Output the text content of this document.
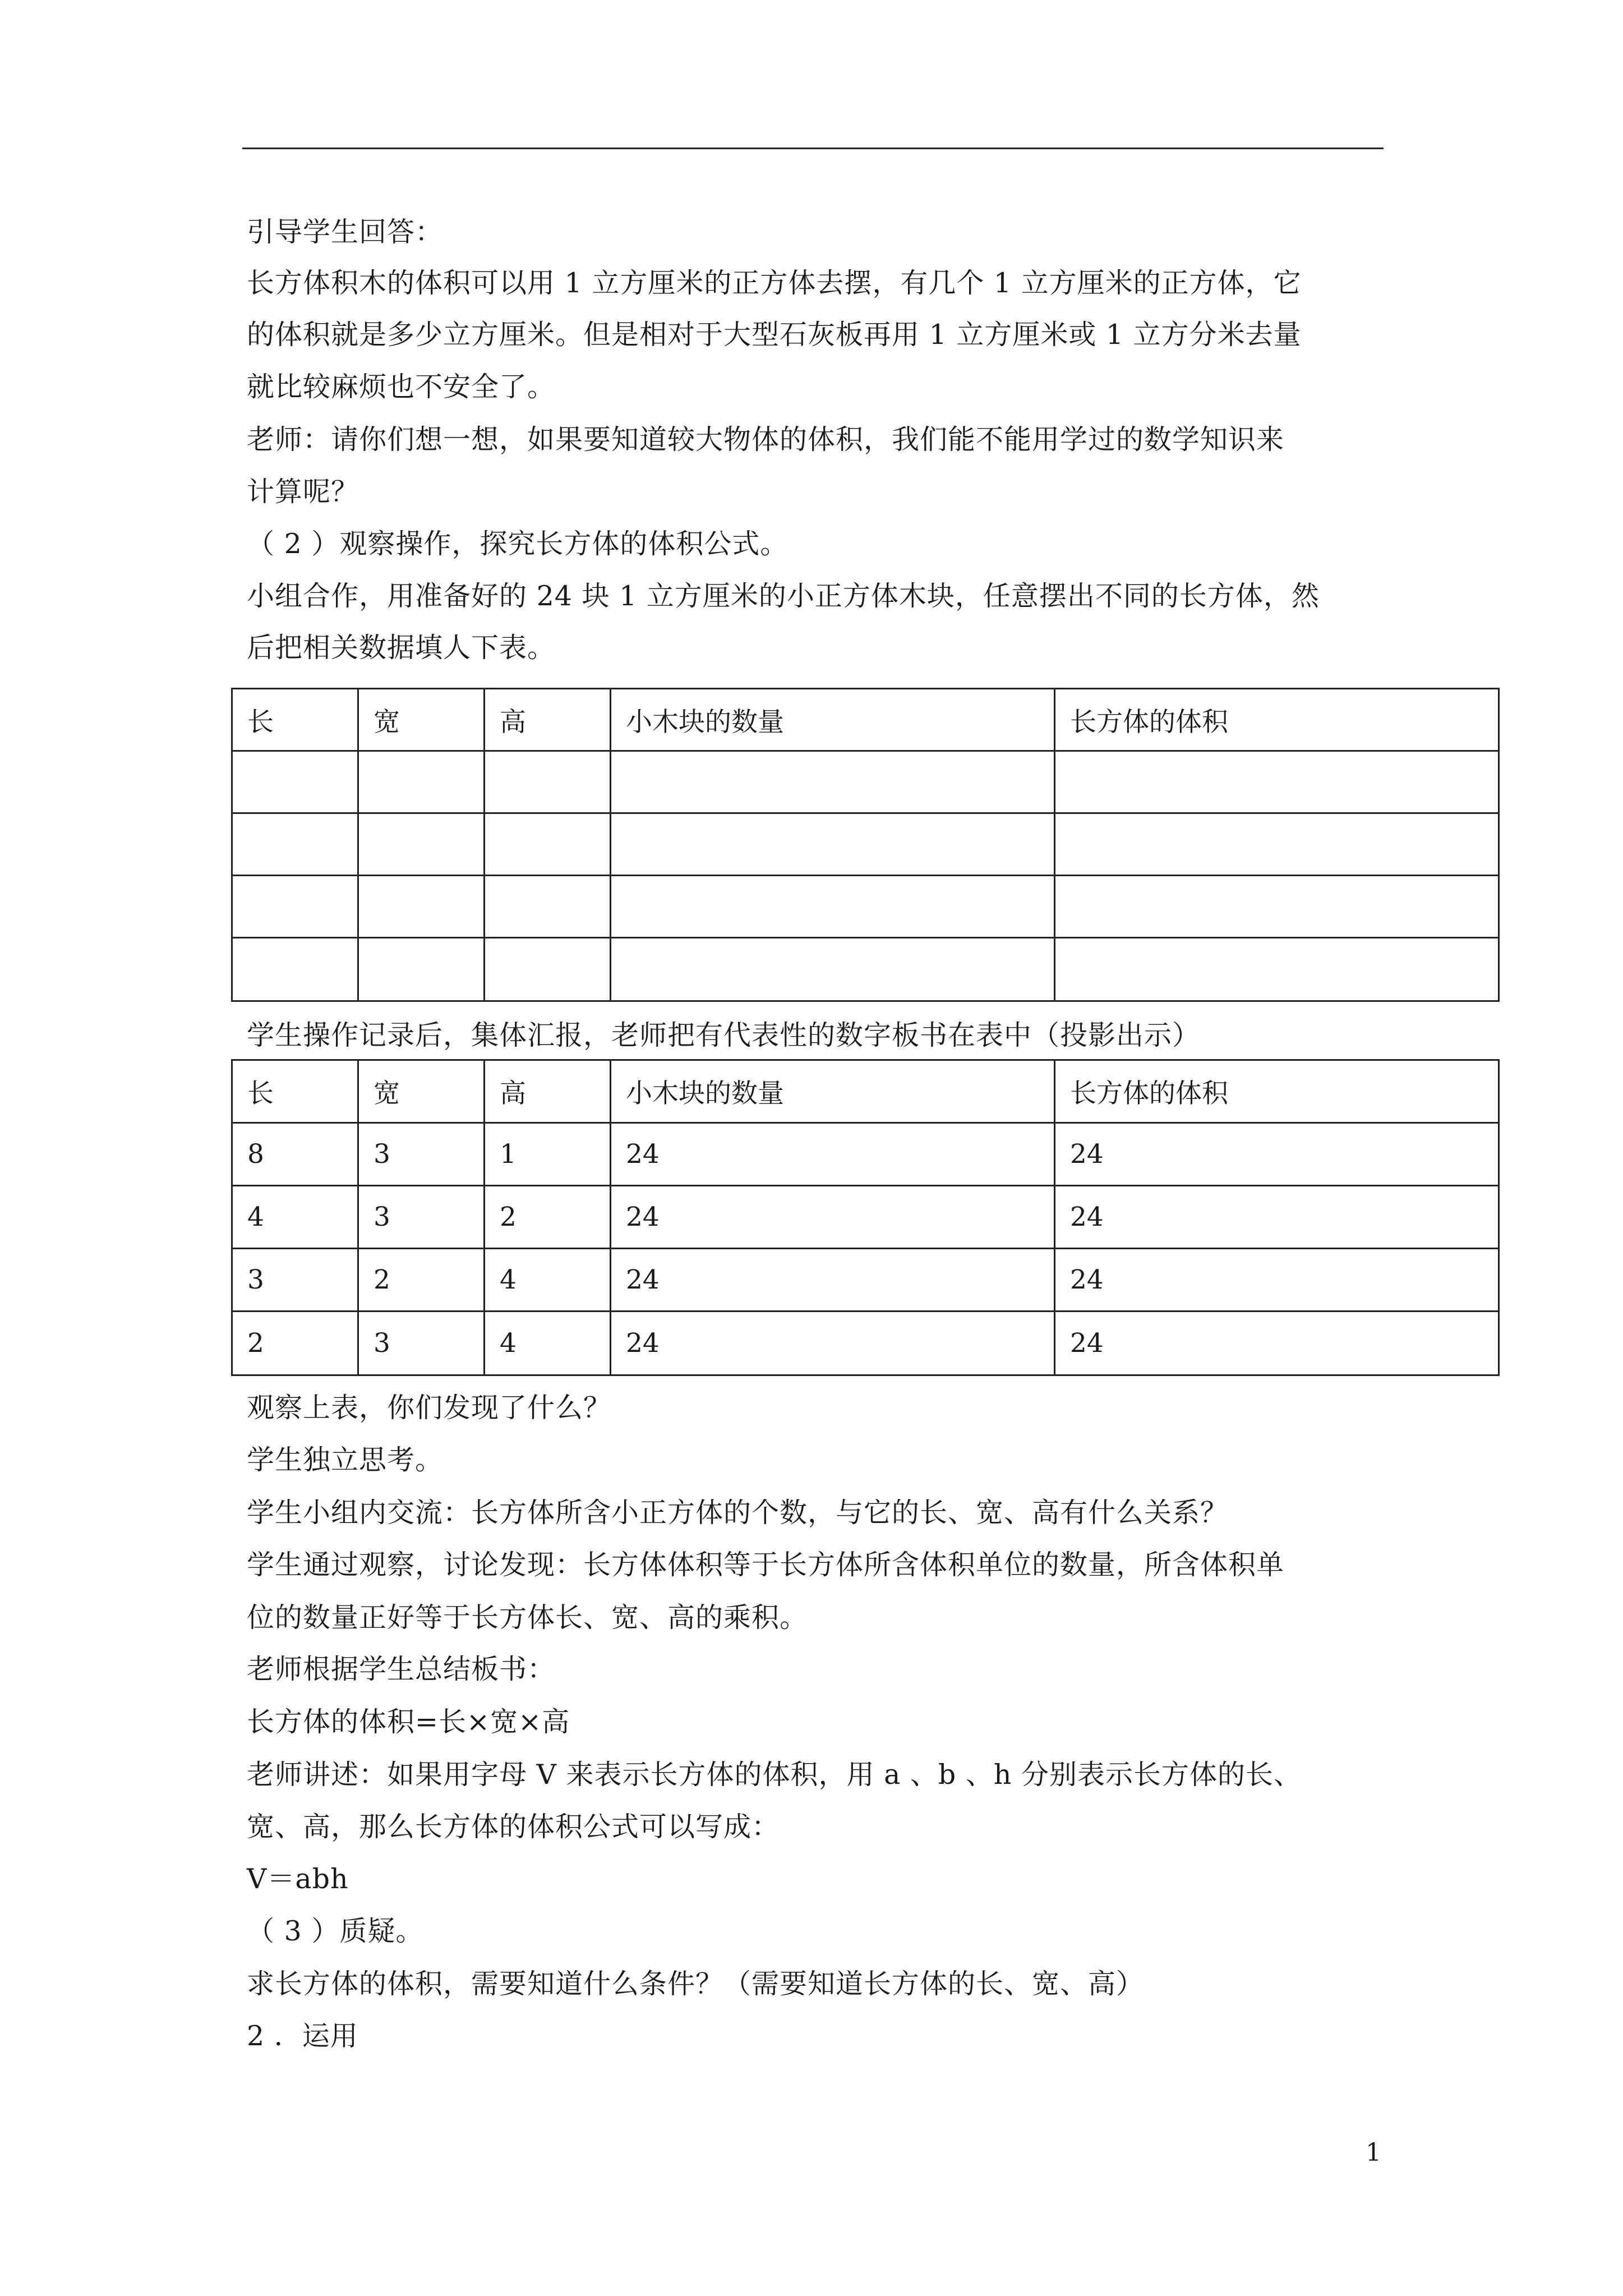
引导学生回答：
长方体积木的体积可以用 1 立方厘米的正方体去摆，有几个 1 立方厘米的正方体，它
的体积就是多少立方厘米。但是相对于大型石灰板再用 1 立方厘米或 1 立方分米去量
就比较麻烦也不安全了。
老师：请你们想一想，如果要知道较大物体的体积，我们能不能用学过的数学知识来
计算呢？
（ 2 ）观察操作，探究长方体的体积公式。
小组合作，用准备好的 24 块 1 立方厘米的小正方体木块，任意摆出不同的长方体，然
后把相关数据填人下表。
长	宽	高	小木块的数量	长方体的体积

学生操作记录后，集体汇报，老师把有代表性的数字板书在表中（投影出示）
长	宽	高	小木块的数量	长方体的体积
8	3	1	24	24
4	3	2	24	24
3	2	4	24	24
2	3	4	24	24
观察上表，你们发现了什么？
学生独立思考。
学生小组内交流：长方体所含小正方体的个数，与它的长、宽、高有什么关系？
学生通过观察，讨论发现：长方体体积等于长方体所含体积单位的数量，所含体积单
位的数量正好等于长方体长、宽、高的乘积。
老师根据学生总结板书：
长方体的体积=长×宽×高
老师讲述：如果用字母 V 来表示长方体的体积，用 a 、b 、h 分别表示长方体的长、
宽、高，那么长方体的体积公式可以写成：
V＝abh
（ 3 ）质疑。
求长方体的体积，需要知道什么条件？（需要知道长方体的长、宽、高）
2 ．运用
1
